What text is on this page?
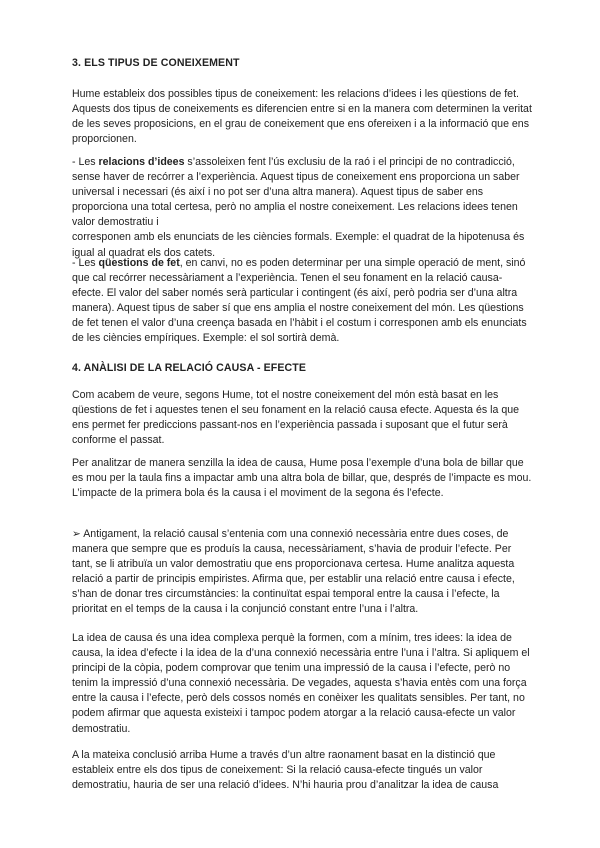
3. ELS TIPUS DE CONEIXEMENT

Hume estableix dos possibles tipus de coneixement: les relacions d’idees i les qüestions de fet. Aquests dos tipus de coneixements es diferencien entre si en la manera com determinen la veritat de les seves proposicions, en el grau de coneixement que ens ofereixen i a la informació que ens proporcionen.

- Les relacions d’idees s’assoleixen fent l’ús exclusiu de la raó i el principi de no contradicció, sense haver de recórrer a l’experiència. Aquest tipus de coneixement ens proporciona un saber universal i necessari (és així i no pot ser d’una altra manera). Aquest tipus de saber ens proporciona una total certesa, però no amplia el nostre coneixement. Les relacions idees tenen valor demostratiu i
corresponen amb els enunciats de les ciències formals. Exemple: el quadrat de la hipotenusa és igual al quadrat els dos catets.

- Les qüestions de fet, en canvi, no es poden determinar per una simple operació de ment, sinó que cal recórrer necessàriament a l’experiència. Tenen el seu fonament en la relació causa-efecte. El valor del saber només serà particular i contingent (és així, però podria ser d’una altra manera). Aquest tipus de saber sí que ens amplia el nostre coneixement del món. Les qüestions de fet tenen el valor d’una creença basada en l’hàbit i el costum i corresponen amb els enunciats de les ciències empíriques. Exemple: el sol sortirà demà.

4. ANÀLISI DE LA RELACIÓ CAUSA - EFECTE

Com acabem de veure, segons Hume, tot el nostre coneixement del món està basat en les qüestions de fet i aquestes tenen el seu fonament en la relació causa efecte. Aquesta és la que ens permet fer prediccions passant-nos en l’experiència passada i suposant que el futur serà conforme el passat.

Per analitzar de manera senzilla la idea de causa, Hume posa l’exemple d’una bola de billar que es mou per la taula fins a impactar amb una altra bola de billar, que, després de l’impacte es mou. L’impacte de la primera bola és la causa i el moviment de la segona és l’efecte.

➢ Antigament, la relació causal s’entenia com una connexió necessària entre dues coses, de manera que sempre que es produís la causa, necessàriament, s’havia de produir l’efecte. Per tant, se li atribuïa un valor demostratiu que ens proporcionava certesa. Hume analitza aquesta relació a partir de principis empiristes. Afirma que, per establir una relació entre causa i efecte, s’han de donar tres circumstàncies: la continuïtat espai temporal entre la causa i l’efecte, la prioritat en el temps de la causa i la conjunció constant entre l’una i l’altra.

La idea de causa és una idea complexa perquè la formen, com a mínim, tres idees: la idea de causa, la idea d’efecte i la idea de la d’una connexió necessària entre l’una i l’altra. Si apliquem el principi de la còpia, podem comprovar que tenim una impressió de la causa i l’efecte, però no tenim la impressió d’una connexió necessària. De vegades, aquesta s’havia entès com una força entre la causa i l’efecte, però dels cossos només en conèixer les qualitats sensibles. Per tant, no podem afirmar que aquesta existeixi i tampoc podem atorgar a la relació causa-efecte un valor demostratiu.

A la mateixa conclusió arriba Hume a través d’un altre raonament basat en la distinció que estableix entre els dos tipus de coneixement: Si la relació causa-efecte tingués un valor demostratiu, hauria de ser una relació d’idees. N’hi hauria prou d’analitzar la idea de causa
